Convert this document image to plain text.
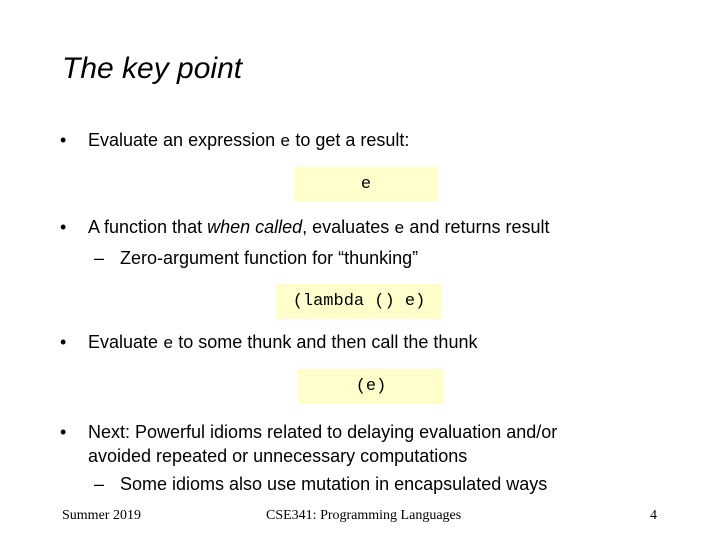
The key point
• Evaluate an expression e to get a result:
e
• A function that when called, evaluates e and returns result
– Zero-argument function for “thunking”
(lambda () e)
• Evaluate e to some thunk and then call the thunk
(e)
• Next: Powerful idioms related to delaying evaluation and/or
avoided repeated or unnecessary computations
– Some idioms also use mutation in encapsulated ways
Summer 2019	CSE341: Programming Languages	4
